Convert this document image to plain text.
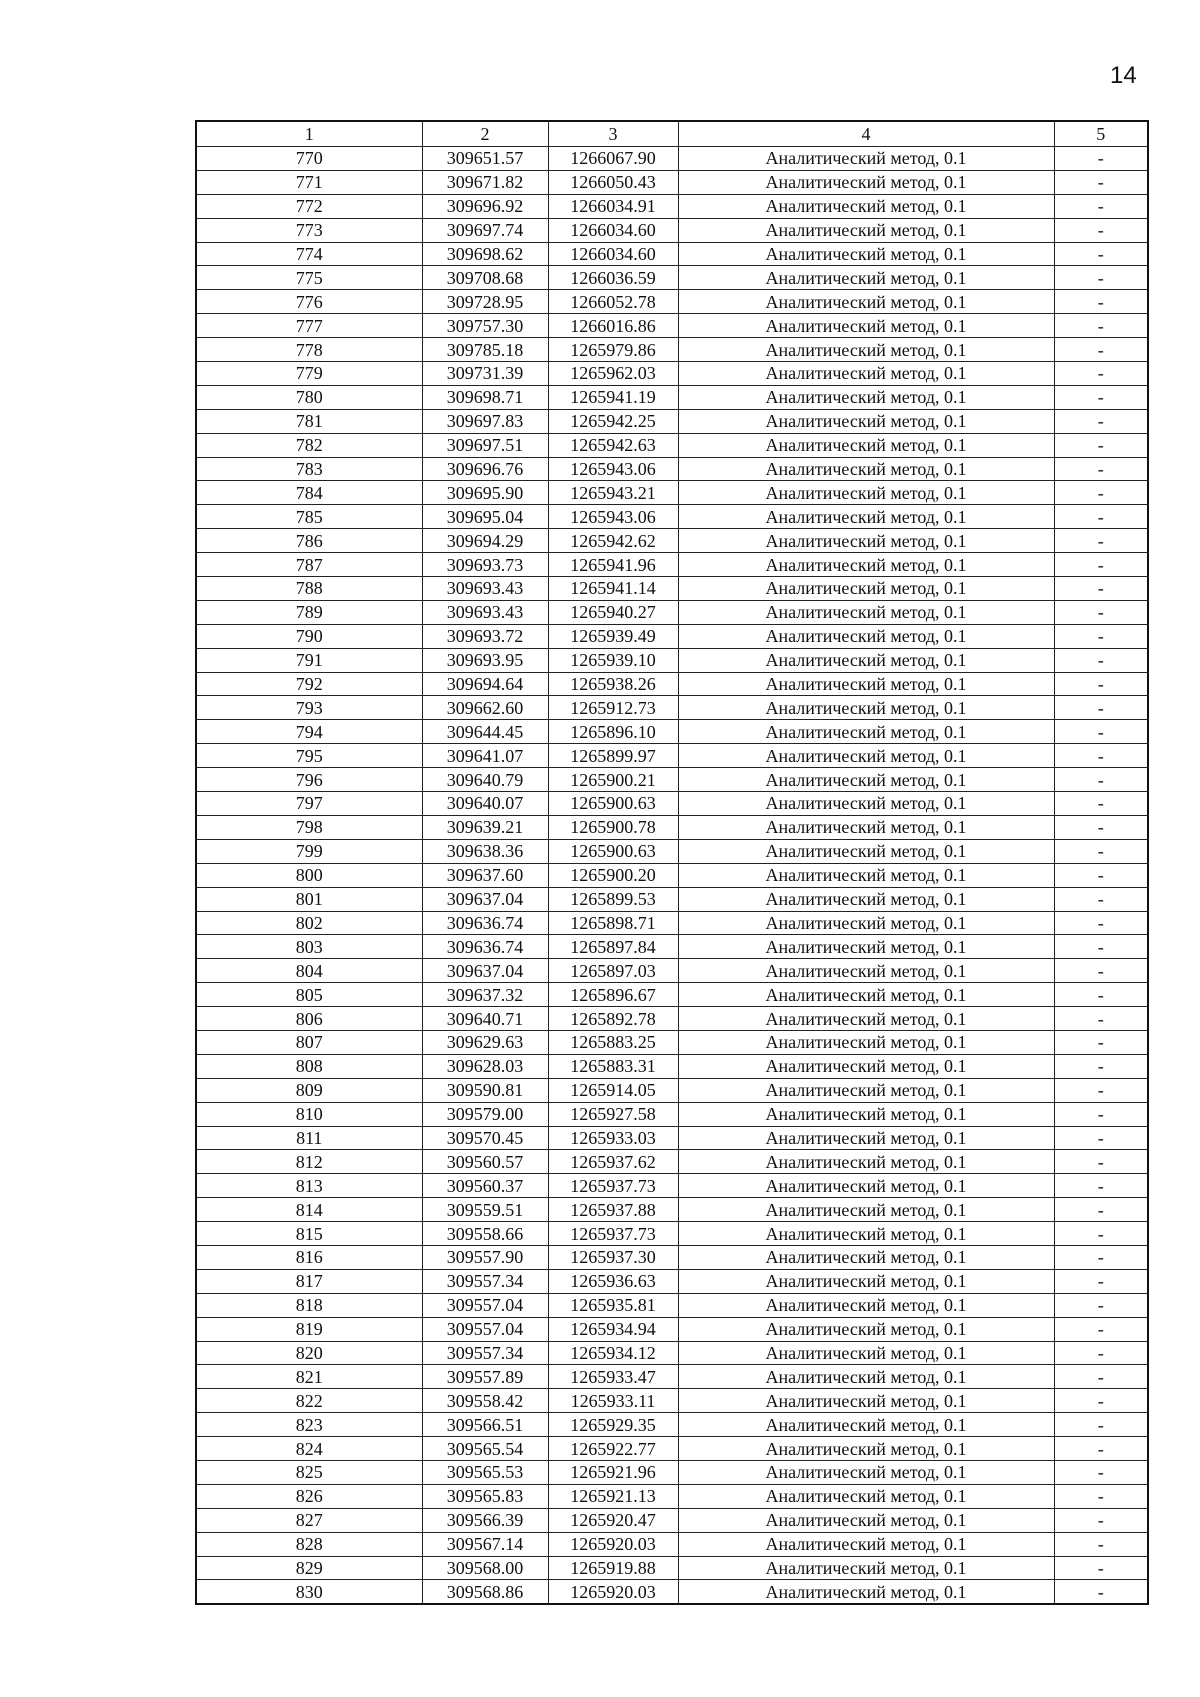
14
1	2	3	4	5
770	309651.57	1266067.90	Аналитический метод, 0.1	-
771	309671.82	1266050.43	Аналитический метод, 0.1	-
772	309696.92	1266034.91	Аналитический метод, 0.1	-
773	309697.74	1266034.60	Аналитический метод, 0.1	-
774	309698.62	1266034.60	Аналитический метод, 0.1	-
775	309708.68	1266036.59	Аналитический метод, 0.1	-
776	309728.95	1266052.78	Аналитический метод, 0.1	-
777	309757.30	1266016.86	Аналитический метод, 0.1	-
778	309785.18	1265979.86	Аналитический метод, 0.1	-
779	309731.39	1265962.03	Аналитический метод, 0.1	-
780	309698.71	1265941.19	Аналитический метод, 0.1	-
781	309697.83	1265942.25	Аналитический метод, 0.1	-
782	309697.51	1265942.63	Аналитический метод, 0.1	-
783	309696.76	1265943.06	Аналитический метод, 0.1	-
784	309695.90	1265943.21	Аналитический метод, 0.1	-
785	309695.04	1265943.06	Аналитический метод, 0.1	-
786	309694.29	1265942.62	Аналитический метод, 0.1	-
787	309693.73	1265941.96	Аналитический метод, 0.1	-
788	309693.43	1265941.14	Аналитический метод, 0.1	-
789	309693.43	1265940.27	Аналитический метод, 0.1	-
790	309693.72	1265939.49	Аналитический метод, 0.1	-
791	309693.95	1265939.10	Аналитический метод, 0.1	-
792	309694.64	1265938.26	Аналитический метод, 0.1	-
793	309662.60	1265912.73	Аналитический метод, 0.1	-
794	309644.45	1265896.10	Аналитический метод, 0.1	-
795	309641.07	1265899.97	Аналитический метод, 0.1	-
796	309640.79	1265900.21	Аналитический метод, 0.1	-
797	309640.07	1265900.63	Аналитический метод, 0.1	-
798	309639.21	1265900.78	Аналитический метод, 0.1	-
799	309638.36	1265900.63	Аналитический метод, 0.1	-
800	309637.60	1265900.20	Аналитический метод, 0.1	-
801	309637.04	1265899.53	Аналитический метод, 0.1	-
802	309636.74	1265898.71	Аналитический метод, 0.1	-
803	309636.74	1265897.84	Аналитический метод, 0.1	-
804	309637.04	1265897.03	Аналитический метод, 0.1	-
805	309637.32	1265896.67	Аналитический метод, 0.1	-
806	309640.71	1265892.78	Аналитический метод, 0.1	-
807	309629.63	1265883.25	Аналитический метод, 0.1	-
808	309628.03	1265883.31	Аналитический метод, 0.1	-
809	309590.81	1265914.05	Аналитический метод, 0.1	-
810	309579.00	1265927.58	Аналитический метод, 0.1	-
811	309570.45	1265933.03	Аналитический метод, 0.1	-
812	309560.57	1265937.62	Аналитический метод, 0.1	-
813	309560.37	1265937.73	Аналитический метод, 0.1	-
814	309559.51	1265937.88	Аналитический метод, 0.1	-
815	309558.66	1265937.73	Аналитический метод, 0.1	-
816	309557.90	1265937.30	Аналитический метод, 0.1	-
817	309557.34	1265936.63	Аналитический метод, 0.1	-
818	309557.04	1265935.81	Аналитический метод, 0.1	-
819	309557.04	1265934.94	Аналитический метод, 0.1	-
820	309557.34	1265934.12	Аналитический метод, 0.1	-
821	309557.89	1265933.47	Аналитический метод, 0.1	-
822	309558.42	1265933.11	Аналитический метод, 0.1	-
823	309566.51	1265929.35	Аналитический метод, 0.1	-
824	309565.54	1265922.77	Аналитический метод, 0.1	-
825	309565.53	1265921.96	Аналитический метод, 0.1	-
826	309565.83	1265921.13	Аналитический метод, 0.1	-
827	309566.39	1265920.47	Аналитический метод, 0.1	-
828	309567.14	1265920.03	Аналитический метод, 0.1	-
829	309568.00	1265919.88	Аналитический метод, 0.1	-
830	309568.86	1265920.03	Аналитический метод, 0.1	-
